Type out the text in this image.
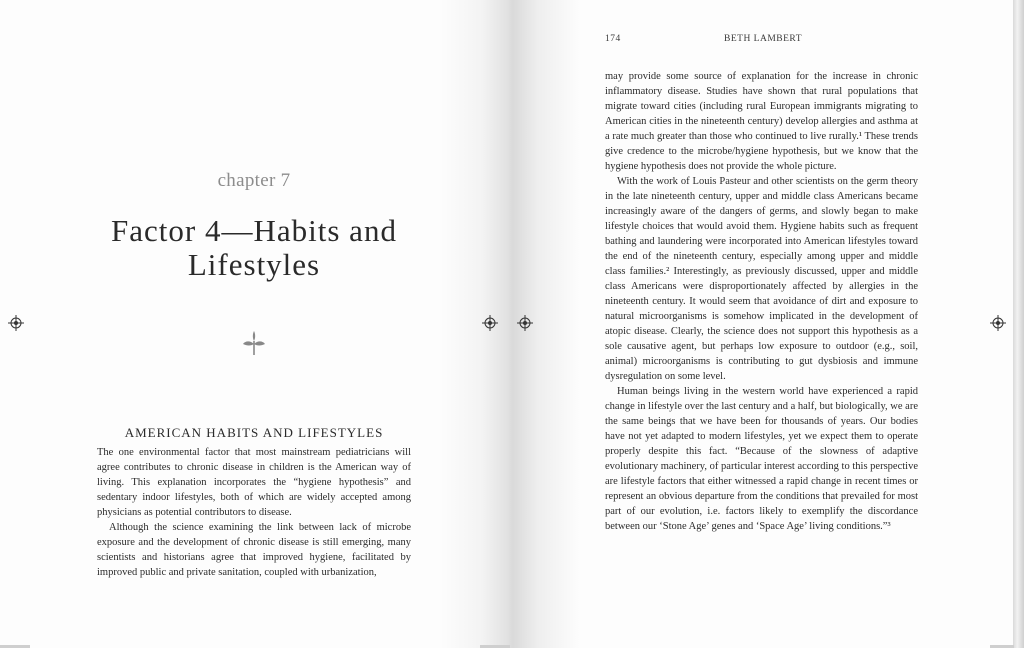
chapter 7
Factor 4—Habits and Lifestyles
AMERICAN HABITS AND LIFESTYLES

The one environmental factor that most mainstream pediatricians will agree contributes to chronic disease in children is the American way of living. This explanation incorporates the “hygiene hypothesis” and sedentary indoor lifestyles, both of which are widely accepted among physicians as potential contributors to disease.

Although the science examining the link between lack of microbe exposure and the development of chronic disease is still emerging, many scientists and historians agree that improved hygiene, facilitated by improved public and private sanitation, coupled with urbanization,

174	BETH LAMBERT

may provide some source of explanation for the increase in chronic inflammatory disease. Studies have shown that rural populations that migrate toward cities (including rural European immigrants migrating to American cities in the nineteenth century) develop allergies and asthma at a rate much greater than those who continued to live rurally.¹ These trends give credence to the microbe/hygiene hypothesis, but we know that the hygiene hypothesis does not provide the whole picture.

With the work of Louis Pasteur and other scientists on the germ theory in the late nineteenth century, upper and middle class Americans became increasingly aware of the dangers of germs, and slowly began to make lifestyle choices that would avoid them. Hygiene habits such as frequent bathing and laundering were incorporated into American lifestyles toward the end of the nineteenth century, especially among upper and middle class families.² Interestingly, as previously discussed, upper and middle class Americans were disproportionately affected by allergies in the nineteenth century. It would seem that avoidance of dirt and exposure to natural microorganisms is somehow implicated in the development of atopic disease. Clearly, the science does not support this hypothesis as a sole causative agent, but perhaps low exposure to outdoor (e.g., soil, animal) microorganisms is contributing to gut dysbiosis and immune dysregulation on some level.

Human beings living in the western world have experienced a rapid change in lifestyle over the last century and a half, but biologically, we are the same beings that we have been for thousands of years. Our bodies have not yet adapted to modern lifestyles, yet we expect them to operate properly despite this fact. “Because of the slowness of adaptive evolutionary machinery, of particular interest according to this perspective are lifestyle factors that either witnessed a rapid change in recent times or represent an obvious departure from the conditions that prevailed for most part of our evolution, i.e. factors likely to exemplify the discordance between our ‘Stone Age’ genes and ‘Space Age’ living conditions.”³
